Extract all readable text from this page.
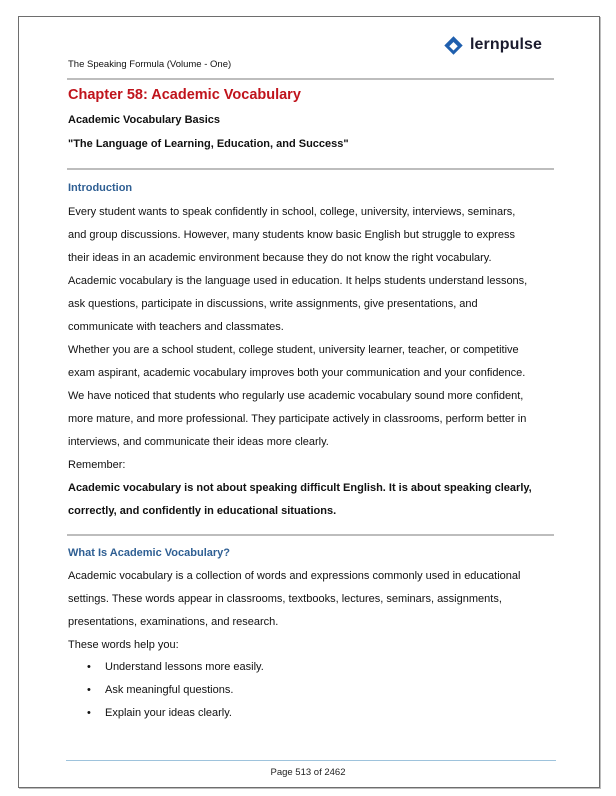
lernpulse
The Speaking Formula (Volume - One)
Chapter 58: Academic Vocabulary
Academic Vocabulary Basics
"The Language of Learning, Education, and Success"
Introduction

Every student wants to speak confidently in school, college, university, interviews, seminars,

and group discussions. However, many students know basic English but struggle to express

their ideas in an academic environment because they do not know the right vocabulary.

Academic vocabulary is the language used in education. It helps students understand lessons,

ask questions, participate in discussions, write assignments, give presentations, and

communicate with teachers and classmates.

Whether you are a school student, college student, university learner, teacher, or competitive

exam aspirant, academic vocabulary improves both your communication and your confidence.

We have noticed that students who regularly use academic vocabulary sound more confident,

more mature, and more professional. They participate actively in classrooms, perform better in

interviews, and communicate their ideas more clearly.

Remember:

Academic vocabulary is not about speaking difficult English. It is about speaking clearly,

correctly, and confidently in educational situations.

What Is Academic Vocabulary?

Academic vocabulary is a collection of words and expressions commonly used in educational

settings. These words appear in classrooms, textbooks, lectures, seminars, assignments,

presentations, examinations, and research.

These words help you:

• Understand lessons more easily.
• Ask meaningful questions.
• Explain your ideas clearly.
Page 513 of 2462
